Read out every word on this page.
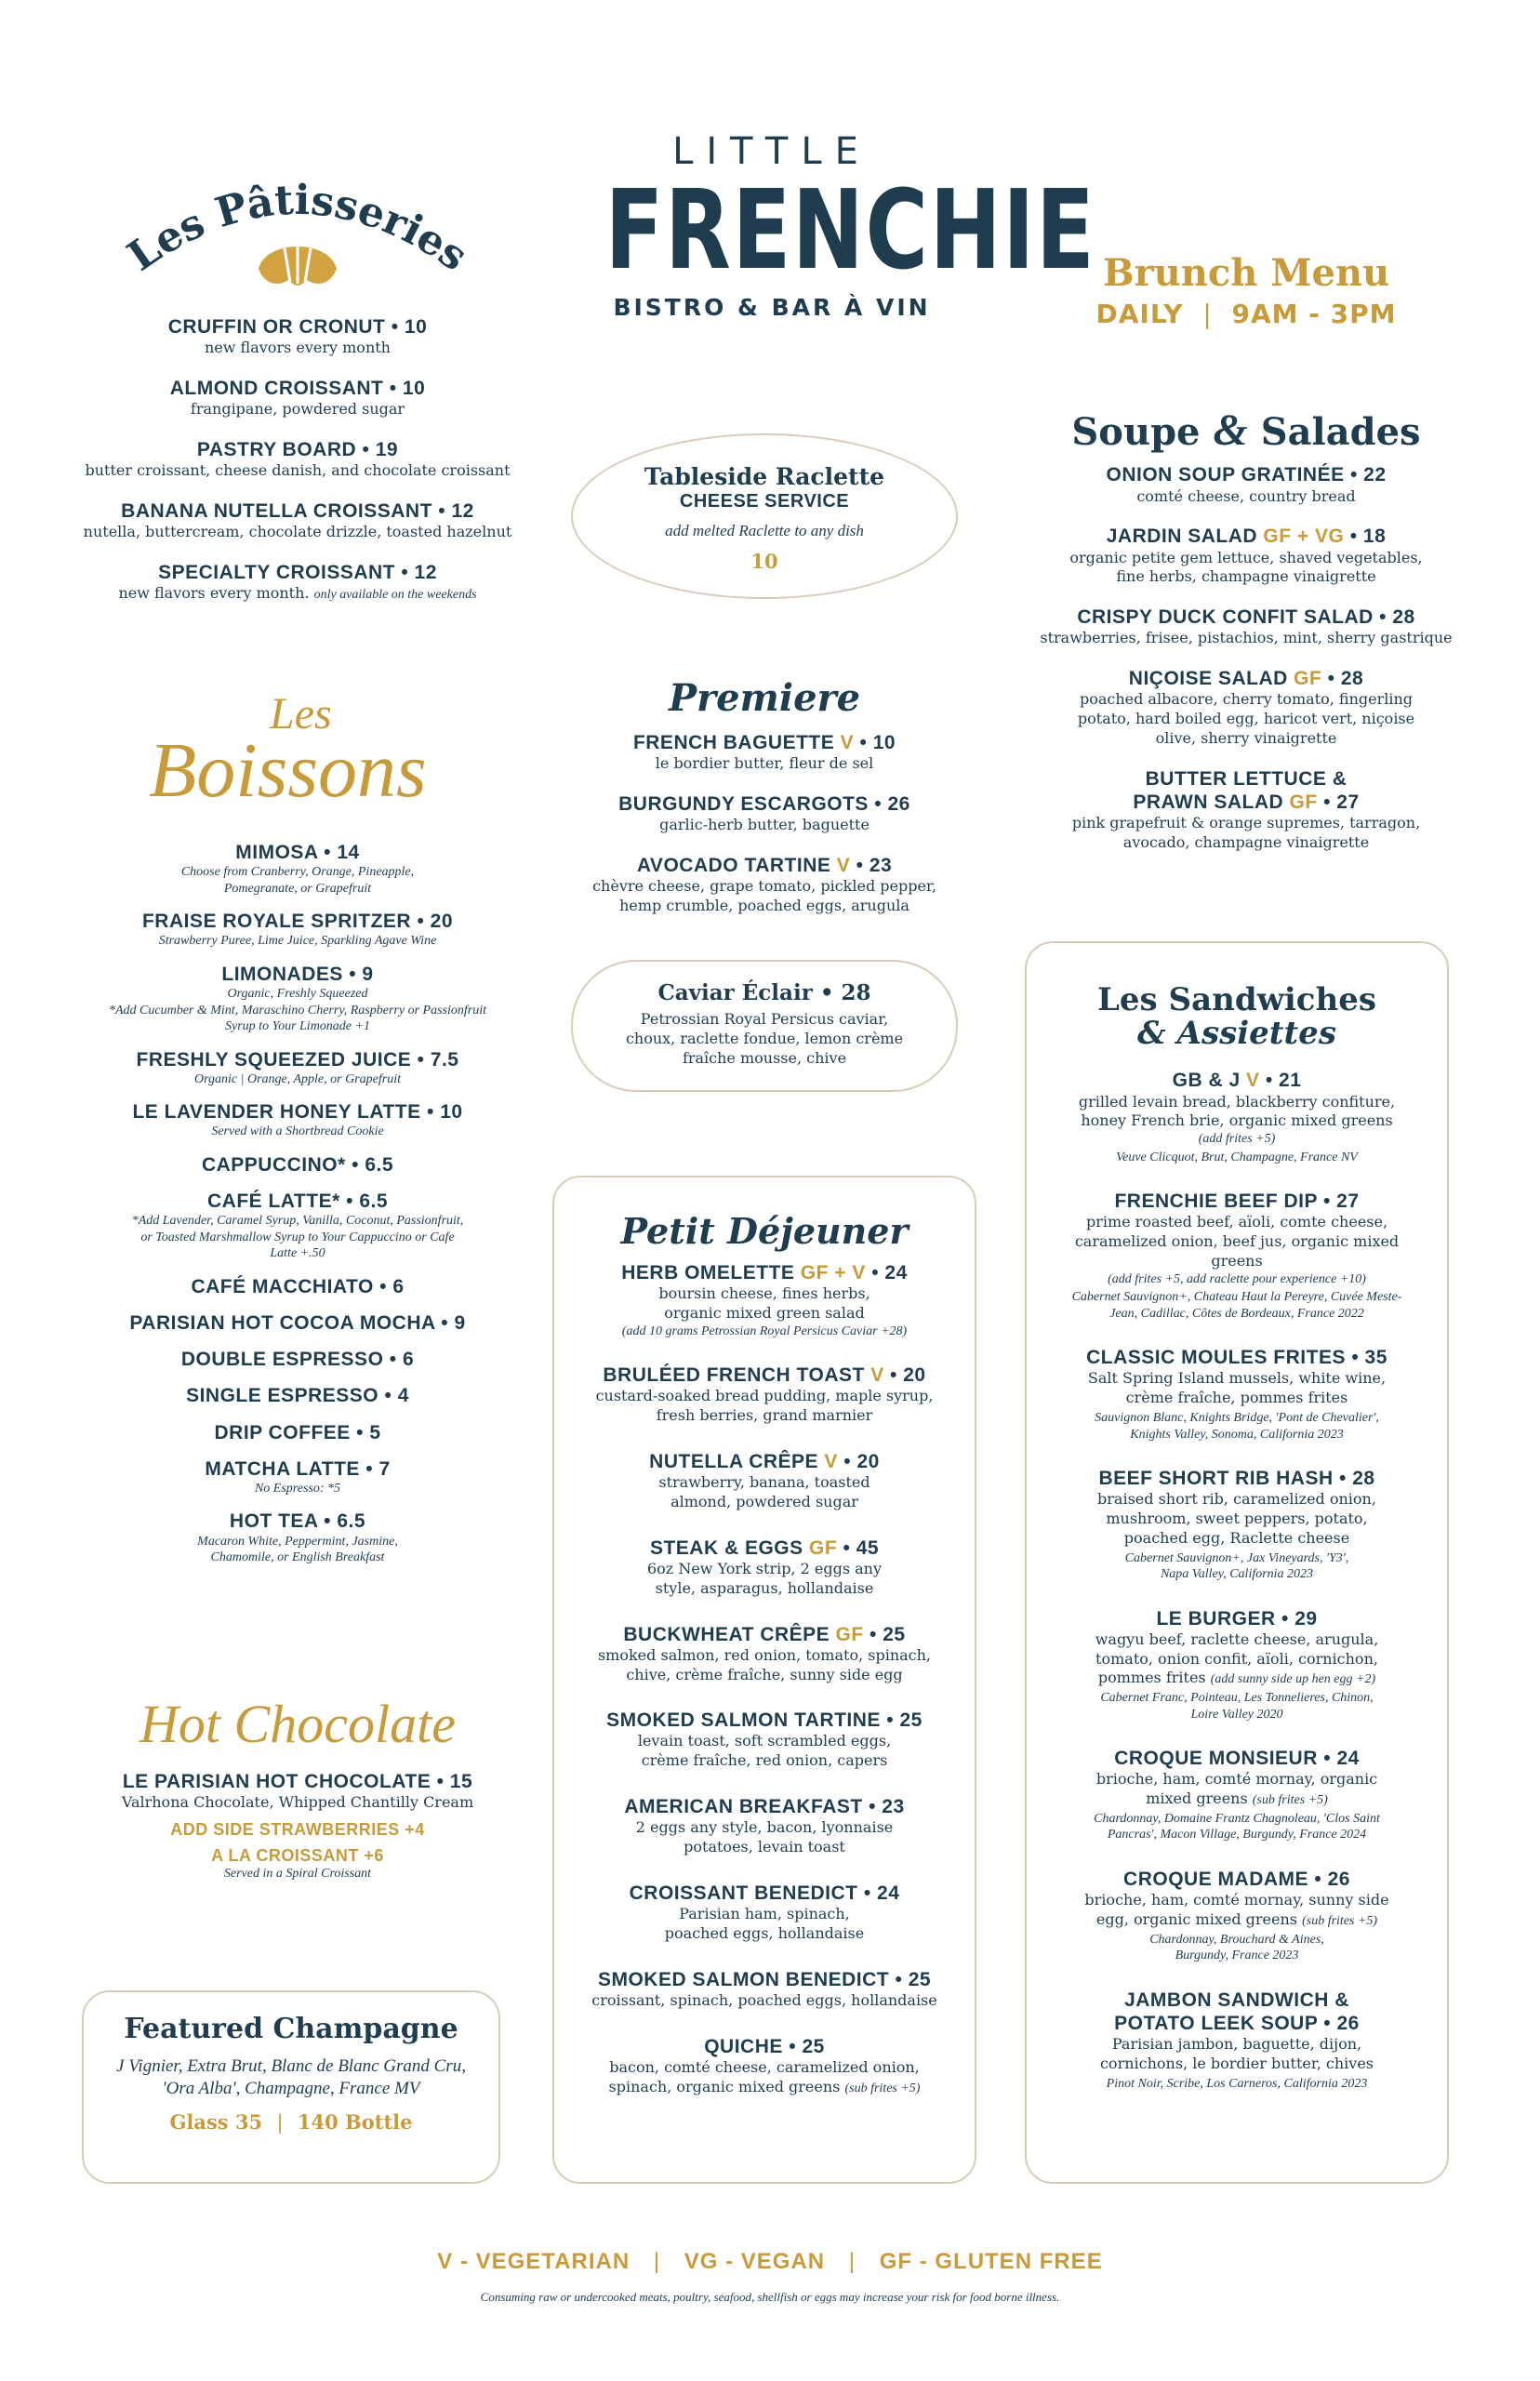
LITTLE
FRENCHIE
BISTRO & BAR À VIN
Brunch Menu
DAILY | 9AM - 3PM
Les Pâtisseries
CRUFFIN OR CRONUT • 10
new flavors every month
ALMOND CROISSANT • 10
frangipane, powdered sugar
PASTRY BOARD • 19
butter croissant, cheese danish, and chocolate croissant
BANANA NUTELLA CROISSANT • 12
nutella, buttercream, chocolate drizzle, toasted hazelnut
SPECIALTY CROISSANT • 12
new flavors every month. only available on the weekends
Les
Boissons
MIMOSA • 14
Choose from Cranberry, Orange, Pineapple, Pomegranate, or Grapefruit
FRAISE ROYALE SPRITZER • 20
Strawberry Puree, Lime Juice, Sparkling Agave Wine
LIMONADES • 9
Organic, Freshly Squeezed
*Add Cucumber & Mint, Maraschino Cherry, Raspberry or Passionfruit Syrup to Your Limonade +1
FRESHLY SQUEEZED JUICE • 7.5
Organic | Orange, Apple, or Grapefruit
LE LAVENDER HONEY LATTE • 10
Served with a Shortbread Cookie
CAPPUCCINO* • 6.5
CAFÉ LATTE* • 6.5
*Add Lavender, Caramel Syrup, Vanilla, Coconut, Passionfruit, or Toasted Marshmallow Syrup to Your Cappuccino or Cafe Latte +.50
CAFÉ MACCHIATO • 6
PARISIAN HOT COCOA MOCHA • 9
DOUBLE ESPRESSO • 6
SINGLE ESPRESSO • 4
DRIP COFFEE • 5
MATCHA LATTE • 7
No Espresso: *5
HOT TEA • 6.5
Macaron White, Peppermint, Jasmine, Chamomile, or English Breakfast
Hot Chocolate
LE PARISIAN HOT CHOCOLATE • 15
Valrhona Chocolate, Whipped Chantilly Cream
ADD SIDE STRAWBERRIES +4
A LA CROISSANT +6
Served in a Spiral Croissant
Featured Champagne
J Vignier, Extra Brut, Blanc de Blanc Grand Cru, 'Ora Alba', Champagne, France MV
Glass 35 | 140 Bottle
Tableside Raclette
CHEESE SERVICE
add melted Raclette to any dish
10
Premiere
FRENCH BAGUETTE V • 10
le bordier butter, fleur de sel
BURGUNDY ESCARGOTS • 26
garlic-herb butter, baguette
AVOCADO TARTINE V • 23
chèvre cheese, grape tomato, pickled pepper, hemp crumble, poached eggs, arugula
Caviar Éclair • 28
Petrossian Royal Persicus caviar, choux, raclette fondue, lemon crème fraîche mousse, chive
Petit Déjeuner
HERB OMELETTE GF + V • 24
boursin cheese, fines herbs, organic mixed green salad
(add 10 grams Petrossian Royal Persicus Caviar +28)
BRULÉED FRENCH TOAST V • 20
custard-soaked bread pudding, maple syrup, fresh berries, grand marnier
NUTELLA CRÊPE V • 20
strawberry, banana, toasted almond, powdered sugar
STEAK & EGGS GF • 45
6oz New York strip, 2 eggs any style, asparagus, hollandaise
BUCKWHEAT CRÊPE GF • 25
smoked salmon, red onion, tomato, spinach, chive, crème fraîche, sunny side egg
SMOKED SALMON TARTINE • 25
levain toast, soft scrambled eggs, crème fraîche, red onion, capers
AMERICAN BREAKFAST • 23
2 eggs any style, bacon, lyonnaise potatoes, levain toast
CROISSANT BENEDICT • 24
Parisian ham, spinach, poached eggs, hollandaise
SMOKED SALMON BENEDICT • 25
croissant, spinach, poached eggs, hollandaise
QUICHE • 25
bacon, comté cheese, caramelized onion, spinach, organic mixed greens (sub frites +5)
Soupe & Salades
ONION SOUP GRATINÉE • 22
comté cheese, country bread
JARDIN SALAD GF + VG • 18
organic petite gem lettuce, shaved vegetables, fine herbs, champagne vinaigrette
CRISPY DUCK CONFIT SALAD • 28
strawberries, frisee, pistachios, mint, sherry gastrique
NIÇOISE SALAD GF • 28
poached albacore, cherry tomato, fingerling potato, hard boiled egg, haricot vert, niçoise olive, sherry vinaigrette
BUTTER LETTUCE &
PRAWN SALAD GF • 27
pink grapefruit & orange supremes, tarragon, avocado, champagne vinaigrette
Les Sandwiches
& Assiettes
GB & J V • 21
grilled levain bread, blackberry confiture, honey French brie, organic mixed greens
(add frites +5)
Veuve Clicquot, Brut, Champagne, France NV
FRENCHIE BEEF DIP • 27
prime roasted beef, aïoli, comte cheese, caramelized onion, beef jus, organic mixed greens
(add frites +5, add raclette pour experience +10)
Cabernet Sauvignon+, Chateau Haut la Pereyre, Cuvée Meste-Jean, Cadillac, Côtes de Bordeaux, France 2022
CLASSIC MOULES FRITES • 35
Salt Spring Island mussels, white wine, crème fraîche, pommes frites
Sauvignon Blanc, Knights Bridge, 'Pont de Chevalier', Knights Valley, Sonoma, California 2023
BEEF SHORT RIB HASH • 28
braised short rib, caramelized onion, mushroom, sweet peppers, potato, poached egg, Raclette cheese
Cabernet Sauvignon+, Jax Vineyards, 'Y3', Napa Valley, California 2023
LE BURGER • 29
wagyu beef, raclette cheese, arugula, tomato, onion confit, aïoli, cornichon, pommes frites (add sunny side up hen egg +2)
Cabernet Franc, Pointeau, Les Tonnelieres, Chinon, Loire Valley 2020
CROQUE MONSIEUR • 24
brioche, ham, comté mornay, organic mixed greens (sub frites +5)
Chardonnay, Domaine Frantz Chagnoleau, 'Clos Saint Pancras', Macon Village, Burgundy, France 2024
CROQUE MADAME • 26
brioche, ham, comté mornay, sunny side egg, organic mixed greens (sub frites +5)
Chardonnay, Brouchard & Aines, Burgundy, France 2023
JAMBON SANDWICH &
POTATO LEEK SOUP • 26
Parisian jambon, baguette, dijon, cornichons, le bordier butter, chives
Pinot Noir, Scribe, Los Carneros, California 2023
V - VEGETARIAN | VG - VEGAN | GF - GLUTEN FREE
Consuming raw or undercooked meats, poultry, seafood, shellfish or eggs may increase your risk for food borne illness.
